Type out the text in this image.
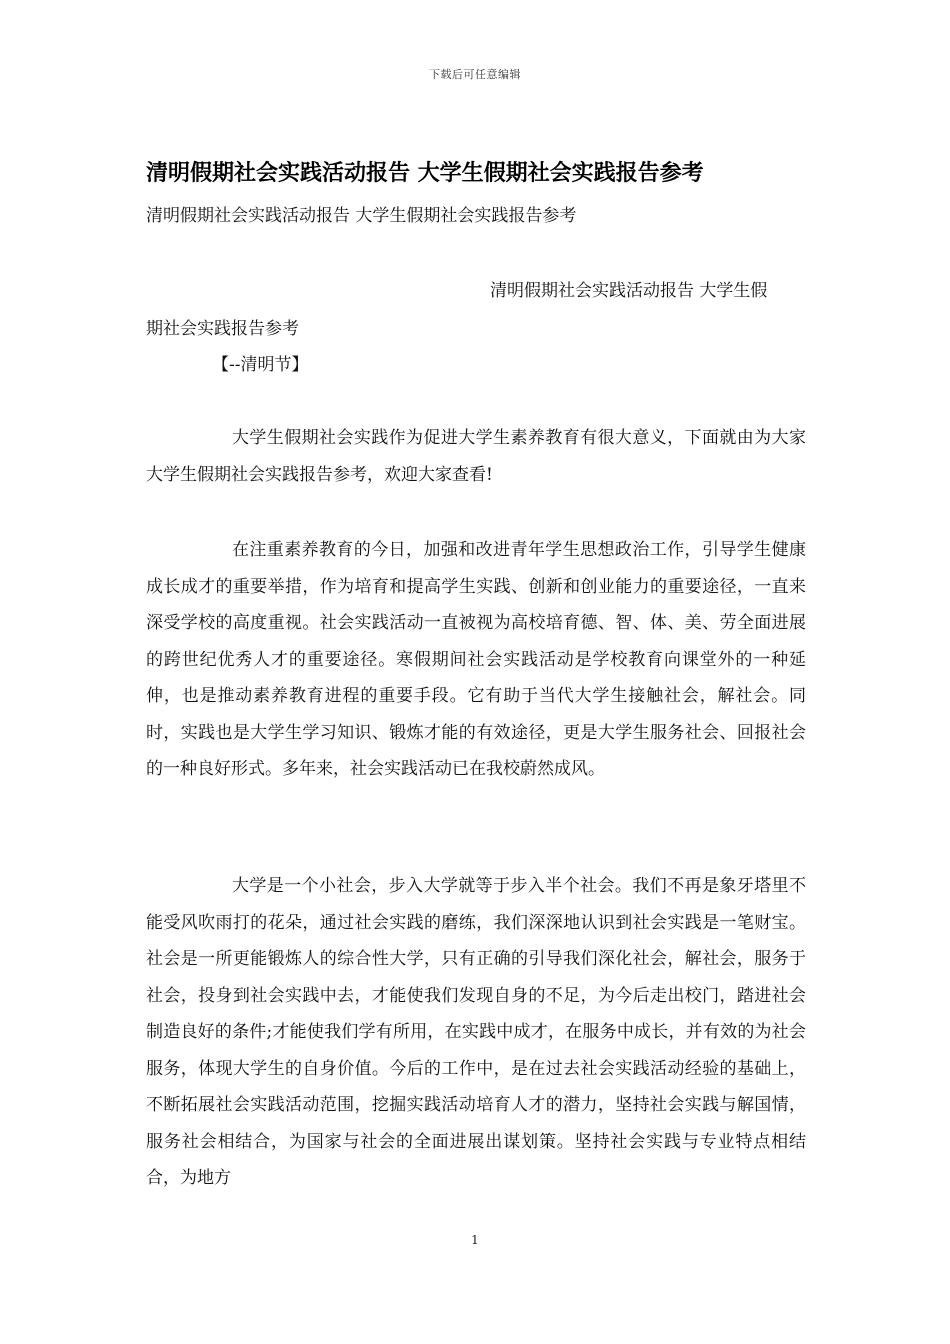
下载后可任意编辑
清明假期社会实践活动报告 大学生假期社会实践报告参考
清明假期社会实践活动报告 大学生假期社会实践报告参考
清明假期社会实践活动报告 大学生假
期社会实践报告参考
【--清明节】

大学生假期社会实践作为促进大学生素养教育有很大意义，下面就由为大家大学生假期社会实践报告参考，欢迎大家查看!

在注重素养教育的今日，加强和改进青年学生思想政治工作，引导学生健康成长成才的重要举措，作为培育和提高学生实践、创新和创业能力的重要途径，一直来深受学校的高度重视。社会实践活动一直被视为高校培育德、智、体、美、劳全面进展的跨世纪优秀人才的重要途径。寒假期间社会实践活动是学校教育向课堂外的一种延伸，也是推动素养教育进程的重要手段。它有助于当代大学生接触社会，解社会。同时，实践也是大学生学习知识、锻炼才能的有效途径，更是大学生服务社会、回报社会的一种良好形式。多年来，社会实践活动已在我校蔚然成风。

大学是一个小社会，步入大学就等于步入半个社会。我们不再是象牙塔里不能受风吹雨打的花朵，通过社会实践的磨练，我们深深地认识到社会实践是一笔财宝。社会是一所更能锻炼人的综合性大学，只有正确的引导我们深化社会，解社会，服务于社会，投身到社会实践中去，才能使我们发现自身的不足，为今后走出校门，踏进社会制造良好的条件;才能使我们学有所用，在实践中成才，在服务中成长，并有效的为社会服务，体现大学生的自身价值。今后的工作中，是在过去社会实践活动经验的基础上，不断拓展社会实践活动范围，挖掘实践活动培育人才的潜力，坚持社会实践与解国情，服务社会相结合，为国家与社会的全面进展出谋划策。坚持社会实践与专业特点相结合，为地方

1
